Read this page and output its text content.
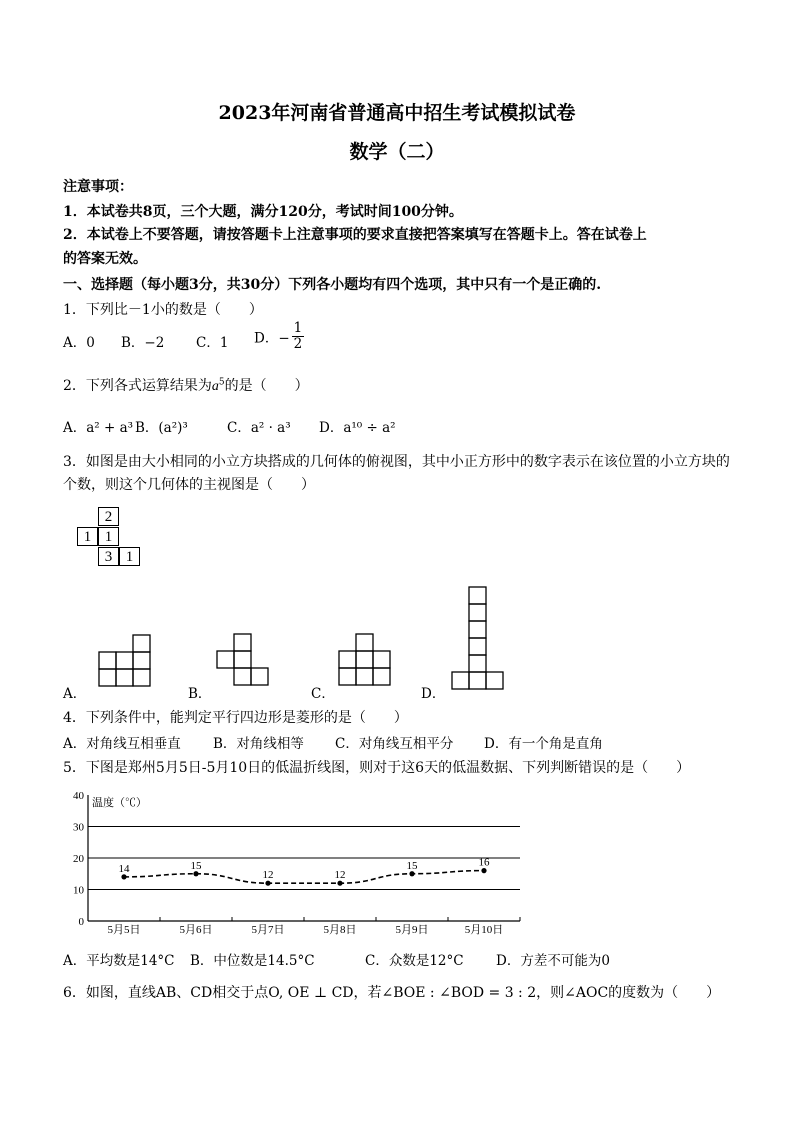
2023年河南省普通高中招生考试模拟试卷
数学（二）
注意事项：
1．本试卷共8页，三个大题，满分120分，考试时间100分钟。
2．本试卷上不要答题，请按答题卡上注意事项的要求直接把答案填写在答题卡上。答在试卷上
的答案无效。
一、选择题（每小题3分，共30分）下列各小题均有四个选项，其中只有一个是正确的.
1．下列比－1小的数是（　　）
A．0 B．−2 C．1 D．− $\frac{1}{2}$
2．下列各式运算结果为$a^5$的是（　　）
A．a² + a³ B．(a²)³	C．a² · a³ D．a¹⁰ ÷ a²
3．如图是由大小相同的小立方块搭成的几何体的俯视图，其中小正方形中的数字表示在该位置的小立方块的
个数，则这个几何体的主视图是（　　）
2
1 1
3 1
A．	B．	C．	D．
4．下列条件中，能判定平行四边形是菱形的是（　　）
A．对角线互相垂直 B．对角线相等 C．对角线互相平分 D．有一个角是直角
5．下图是郑州5月5日-5月10日的低温折线图，则对于这6天的低温数据、下列判断错误的是（　　）
温度（℃）
40
30
20
10
0
5月5日	5月6日	5月7日	5月8日	5月9日	5月10日
14	15
12	12
15	16
A．平均数是14°C B．中位数是14.5°C	C．众数是12°C D．方差不可能为0
6．如图，直线AB、CD相交于点O, OE ⊥ CD，若∠BOE : ∠BOD = 3 : 2，则∠AOC的度数为（　　）
